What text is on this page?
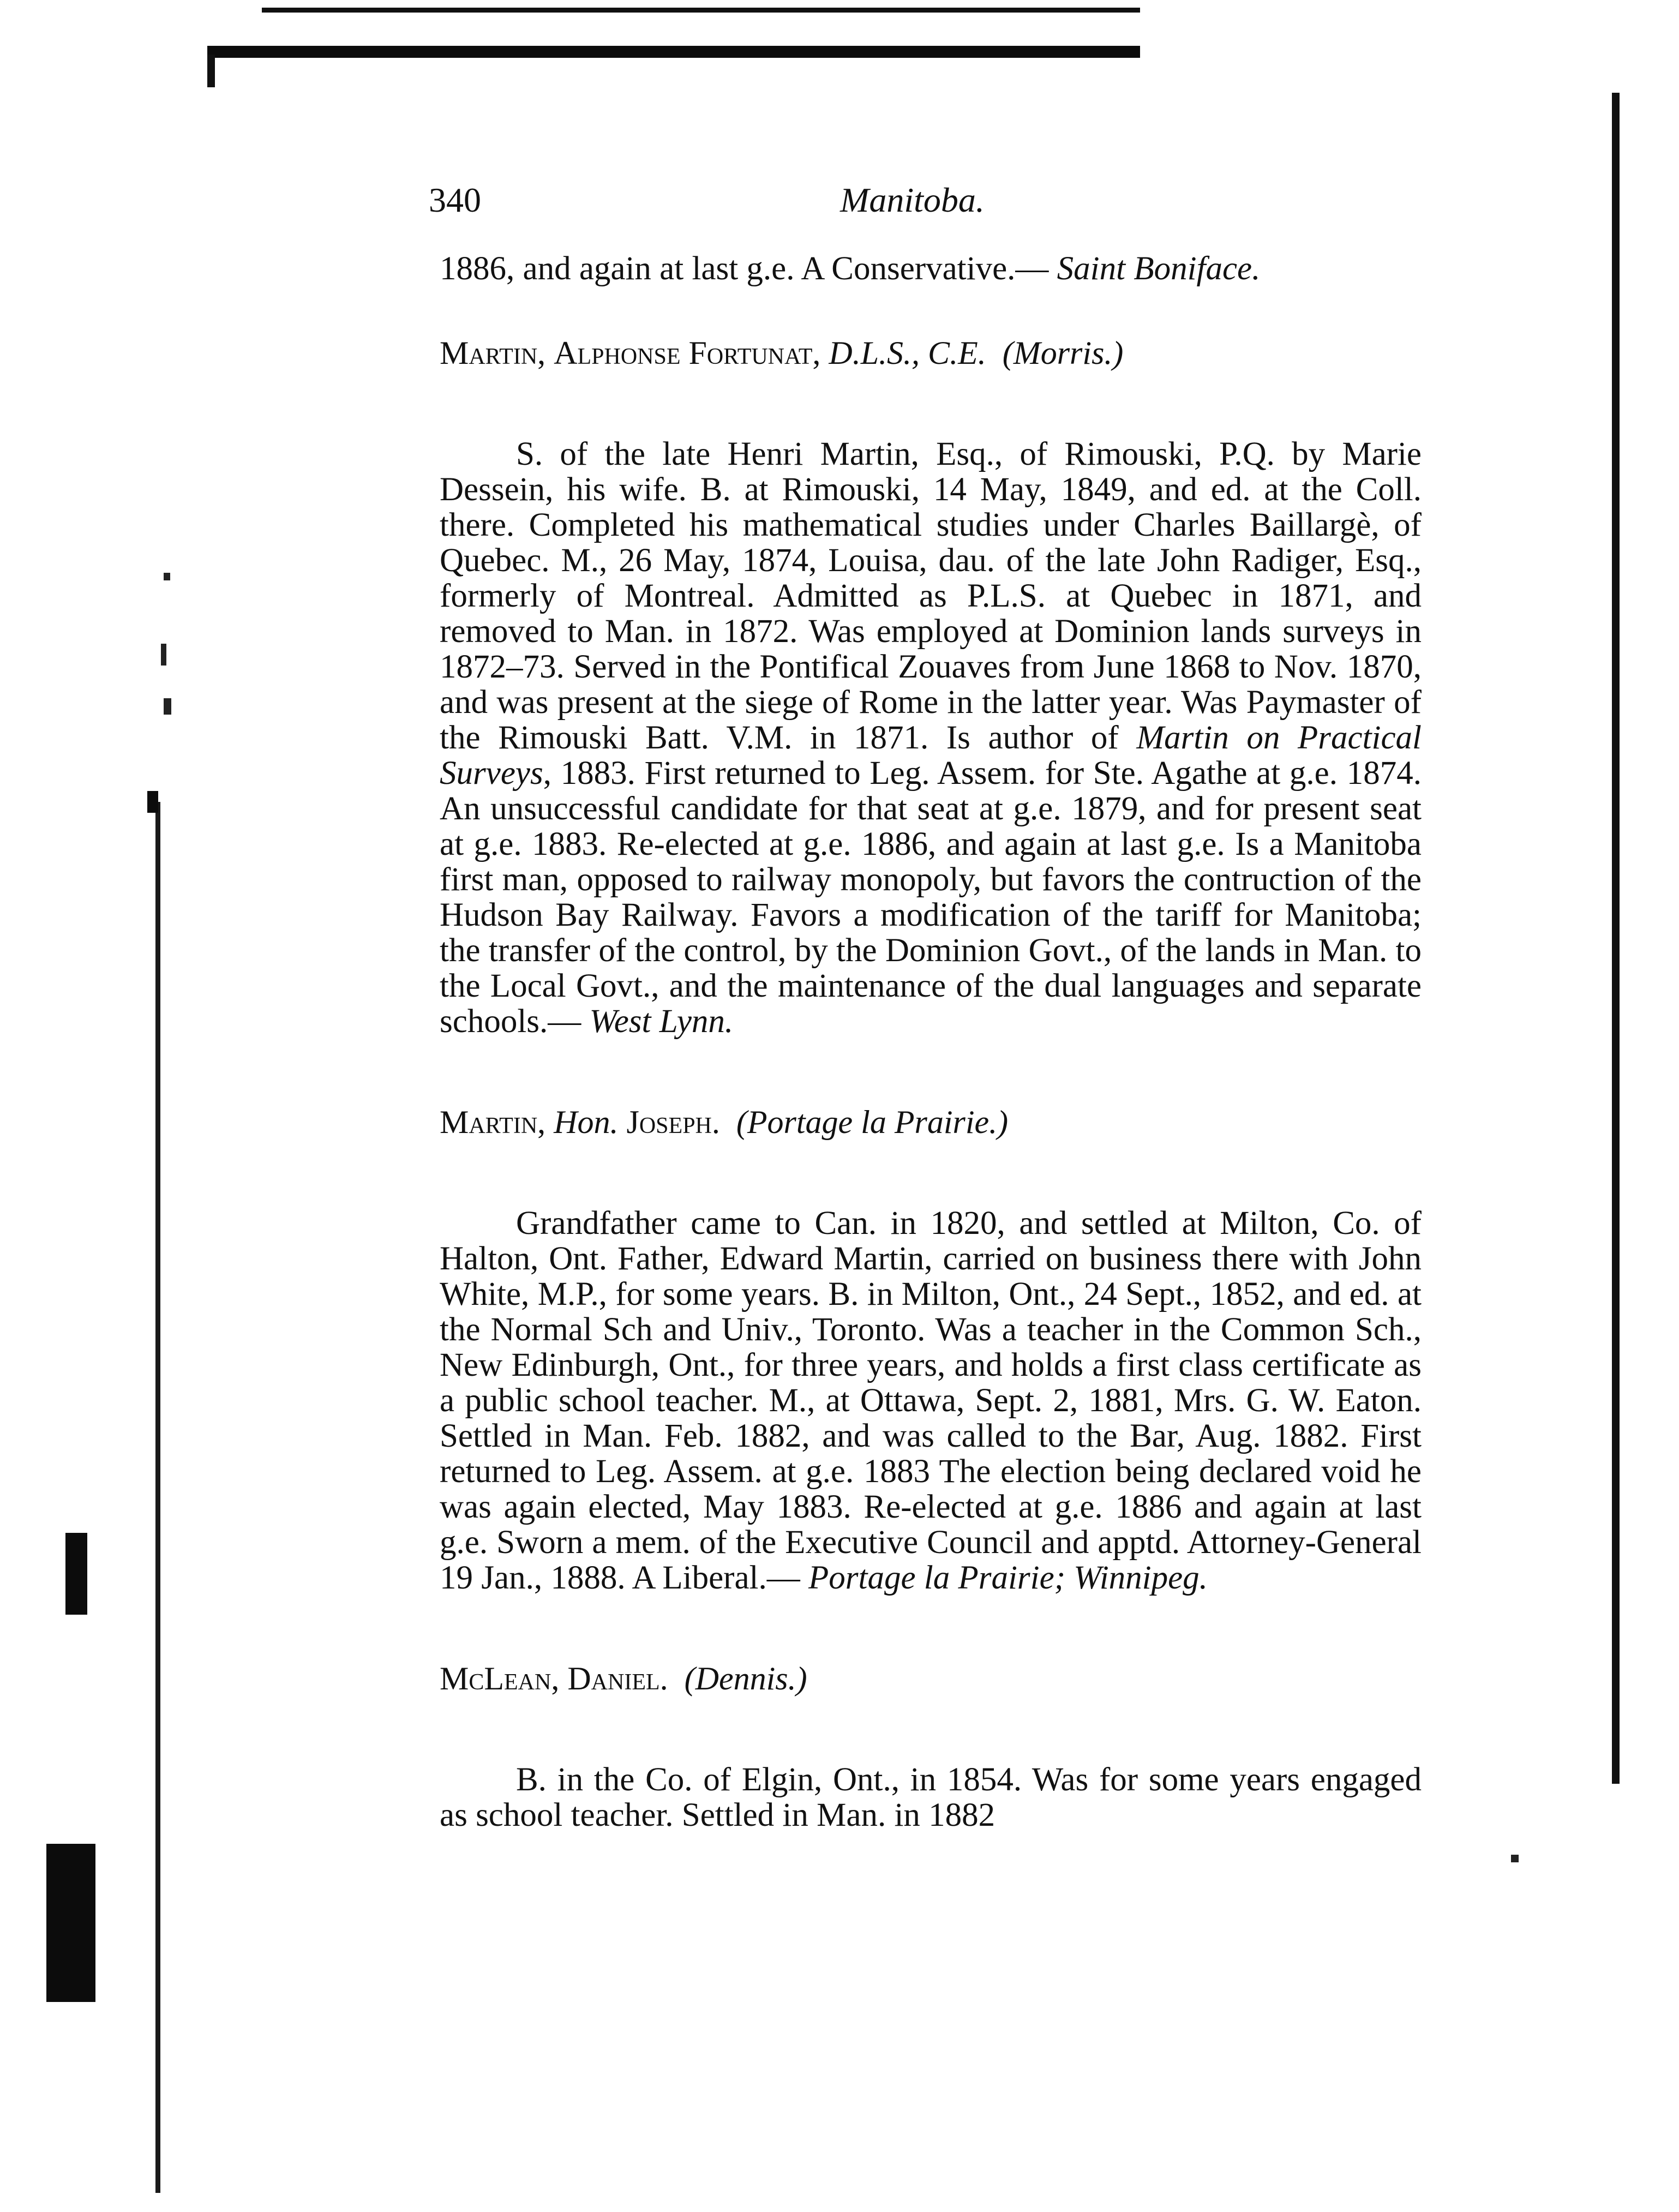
340	Manitoba.

1886, and again at last g.e. A Conservative.— Saint Boniface.

Martin, Alphonse Fortunat, D.L.S., C.E. (Morris.)

S. of the late Henri Martin, Esq., of Rimouski, P.Q. by Marie Dessein, his wife. B. at Rimouski, 14 May, 1849, and ed. at the Coll. there. Completed his mathematical studies under Charles Baillargè, of Quebec. M., 26 May, 1874, Louisa, dau. of the late John Radiger, Esq., formerly of Montreal. Admitted as P.L.S. at Quebec in 1871, and removed to Man. in 1872. Was employed at Dominion lands surveys in 1872–73. Served in the Pontifical Zouaves from June 1868 to Nov. 1870, and was present at the siege of Rome in the latter year. Was Paymaster of the Rimouski Batt. V.M. in 1871. Is author of Martin on Practical Surveys, 1883. First returned to Leg. Assem. for Ste. Agathe at g.e. 1874. An unsuccessful candidate for that seat at g.e. 1879, and for present seat at g.e. 1883. Re-elected at g.e. 1886, and again at last g.e. Is a Manitoba first man, opposed to railway monopoly, but favors the contruction of the Hudson Bay Railway. Favors a modification of the tariff for Manitoba; the transfer of the control, by the Dominion Govt., of the lands in Man. to the Local Govt., and the maintenance of the dual languages and separate schools.— West Lynn.

Martin, Hon. Joseph. (Portage la Prairie.)

Grandfather came to Can. in 1820, and settled at Milton, Co. of Halton, Ont. Father, Edward Martin, carried on business there with John White, M.P., for some years. B. in Milton, Ont., 24 Sept., 1852, and ed. at the Normal Sch and Univ., Toronto. Was a teacher in the Common Sch., New Edinburgh, Ont., for three years, and holds a first class certificate as a public school teacher. M., at Ottawa, Sept. 2, 1881, Mrs. G. W. Eaton. Settled in Man. Feb. 1882, and was called to the Bar, Aug. 1882. First returned to Leg. Assem. at g.e. 1883 The election being declared void he was again elected, May 1883. Re-elected at g.e. 1886 and again at last g.e. Sworn a mem. of the Executive Council and apptd. Attorney-General 19 Jan., 1888. A Liberal.— Portage la Prairie; Winnipeg.

McLean, Daniel. (Dennis.)

B. in the Co. of Elgin, Ont., in 1854. Was for some years engaged as school teacher. Settled in Man. in 1882
